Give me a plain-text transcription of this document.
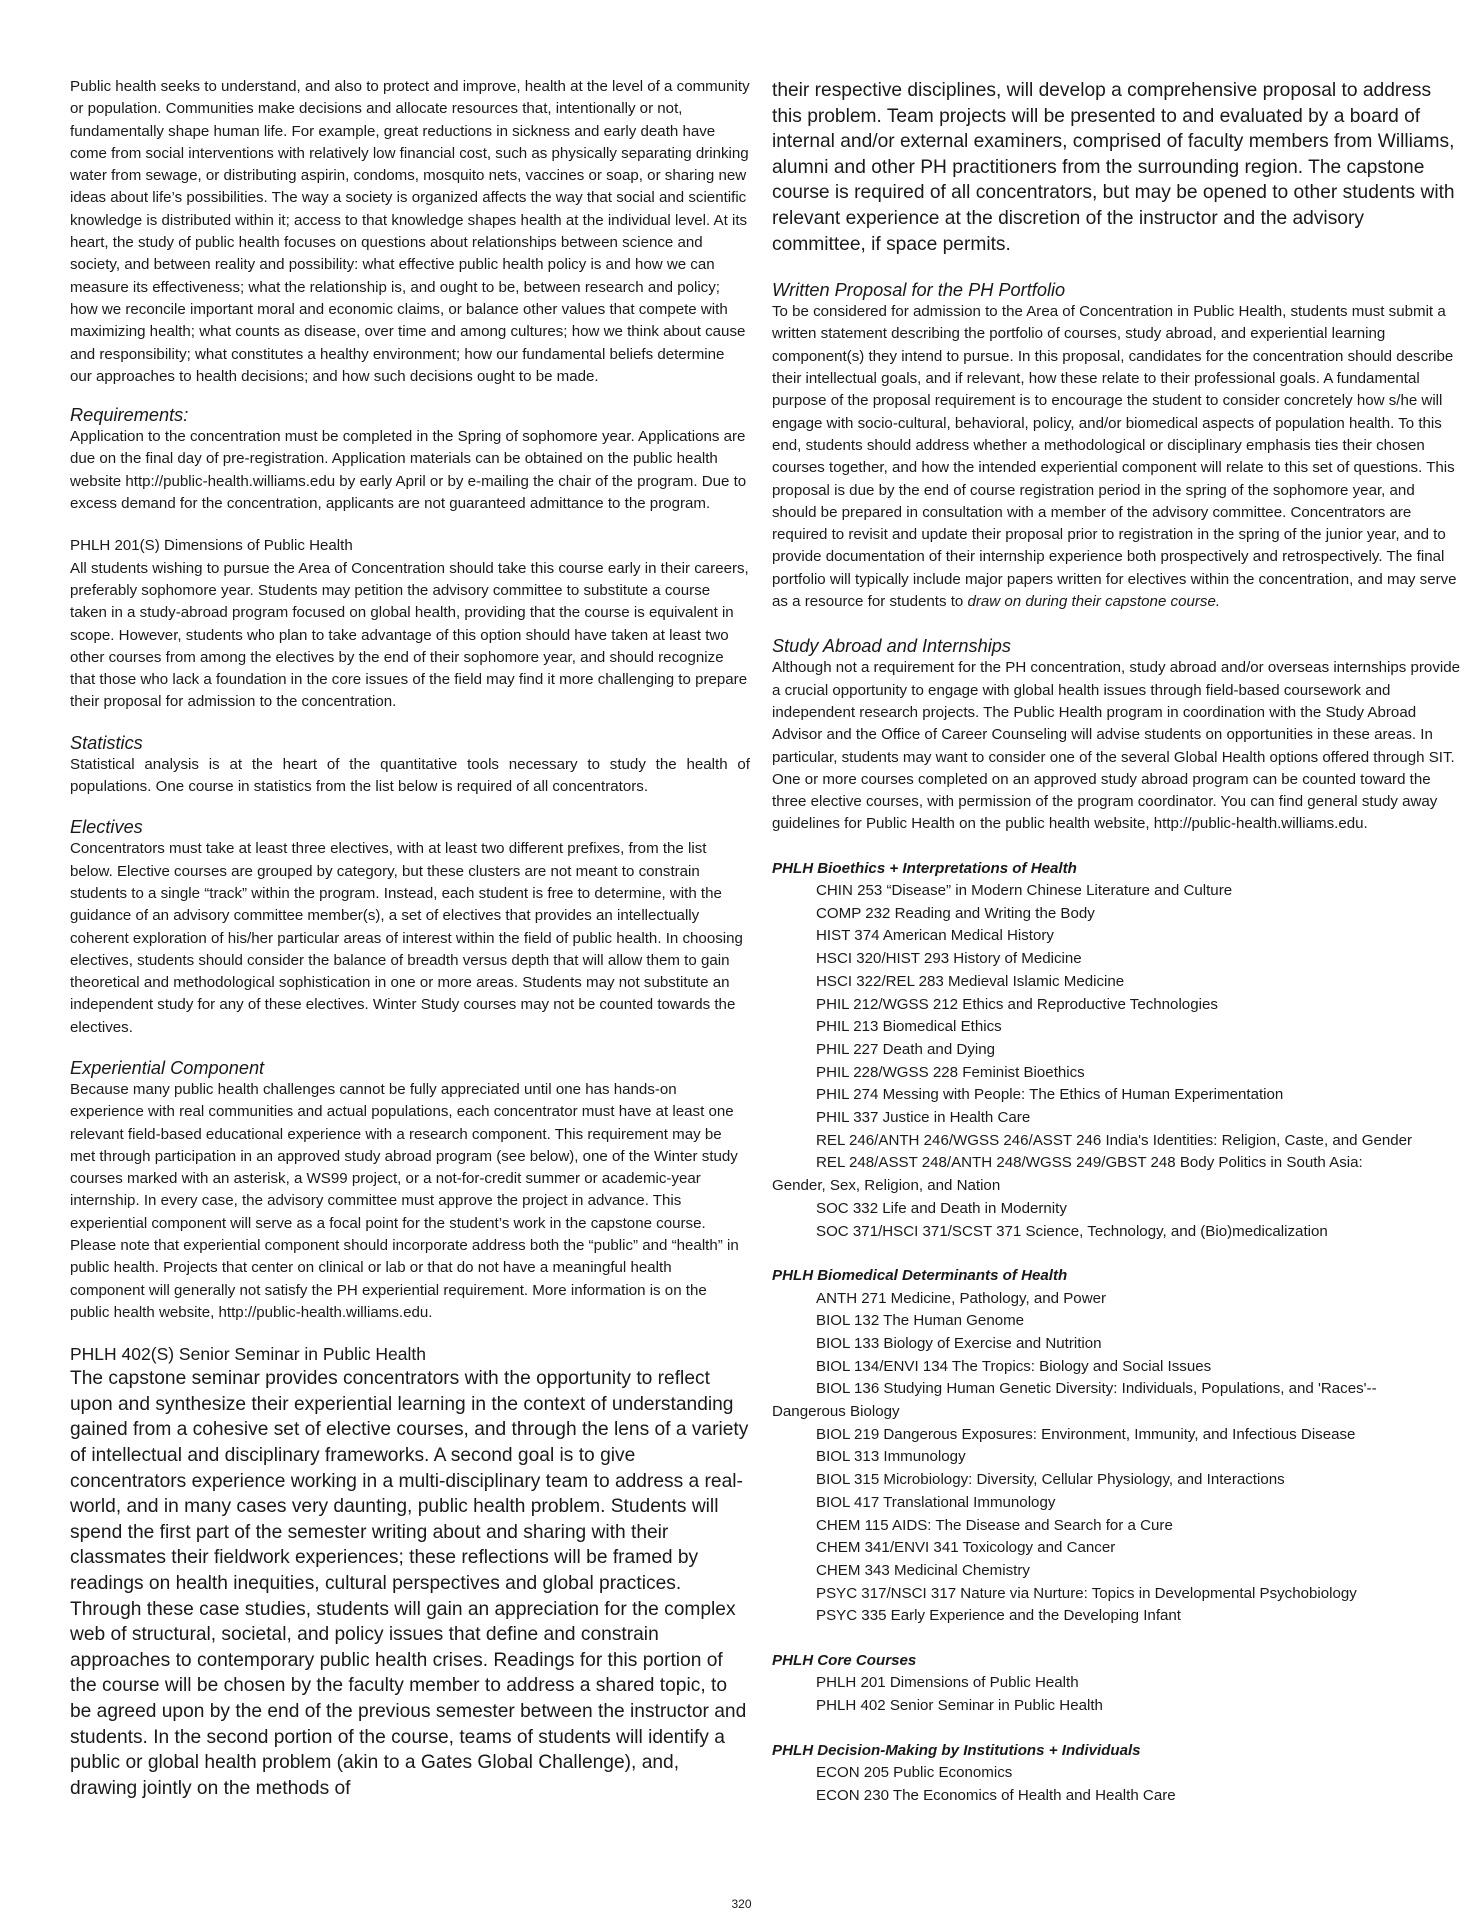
Public health seeks to understand, and also to protect and improve, health at the level of a community or population. Communities make decisions and allocate resources that, intentionally or not, fundamentally shape human life. For example, great reductions in sickness and early death have come from social interventions with relatively low financial cost, such as physically separating drinking water from sewage, or distributing aspirin, condoms, mosquito nets, vaccines or soap, or sharing new ideas about life’s possibilities. The way a society is organized affects the way that social and scientific knowledge is distributed within it; access to that knowledge shapes health at the individual level. At its heart, the study of public health focuses on questions about relationships between science and society, and between reality and possibility: what effective public health policy is and how we can measure its effectiveness; what the relationship is, and ought to be, between research and policy; how we reconcile important moral and economic claims, or balance other values that compete with maximizing health; what counts as disease, over time and among cultures; how we think about cause and responsibility; what constitutes a healthy environment; how our fundamental beliefs determine our approaches to health decisions; and how such decisions ought to be made.

Requirements:

Application to the concentration must be completed in the Spring of sophomore year. Applications are due on the final day of pre-registration. Application materials can be obtained on the public health website http://public-health.williams.edu by early April or by e-mailing the chair of the program. Due to excess demand for the concentration, applicants are not guaranteed admittance to the program.

PHLH 201(S) Dimensions of Public Health

All students wishing to pursue the Area of Concentration should take this course early in their careers, preferably sophomore year. Students may petition the advisory committee to substitute a course taken in a study-abroad program focused on global health, providing that the course is equivalent in scope. However, students who plan to take advantage of this option should have taken at least two other courses from among the electives by the end of their sophomore year, and should recognize that those who lack a foundation in the core issues of the field may find it more challenging to prepare their proposal for admission to the concentration.

Statistics

Statistical analysis is at the heart of the quantitative tools necessary to study the health of populations. One course in statistics from the list below is required of all concentrators.

Electives

Concentrators must take at least three electives, with at least two different prefixes, from the list below. Elective courses are grouped by category, but these clusters are not meant to constrain students to a single “track” within the program. Instead, each student is free to determine, with the guidance of an advisory committee member(s), a set of electives that provides an intellectually coherent exploration of his/her particular areas of interest within the field of public health. In choosing electives, students should consider the balance of breadth versus depth that will allow them to gain theoretical and methodological sophistication in one or more areas. Students may not substitute an independent study for any of these electives. Winter Study courses may not be counted towards the electives.

Experiential Component

Because many public health challenges cannot be fully appreciated until one has hands-on experience with real communities and actual populations, each concentrator must have at least one relevant field-based educational experience with a research component. This requirement may be met through participation in an approved study abroad program (see below), one of the Winter study courses marked with an asterisk, a WS99 project, or a not-for-credit summer or academic-year internship. In every case, the advisory committee must approve the project in advance. This experiential component will serve as a focal point for the student’s work in the capstone course. Please note that experiential component should incorporate address both the “public” and “health” in public health. Projects that center on clinical or lab or that do not have a meaningful health component will generally not satisfy the PH experiential requirement. More information is on the public health website, http://public-health.williams.edu.

PHLH 402(S) Senior Seminar in Public Health

The capstone seminar provides concentrators with the opportunity to reflect upon and synthesize their experiential learning in the context of understanding gained from a cohesive set of elective courses, and through the lens of a variety of intellectual and disciplinary frameworks. A second goal is to give concentrators experience working in a multi-disciplinary team to address a real-world, and in many cases very daunting, public health problem. Students will spend the first part of the semester writing about and sharing with their classmates their fieldwork experiences; these reflections will be framed by readings on health inequities, cultural perspectives and global practices. Through these case studies, students will gain an appreciation for the complex web of structural, societal, and policy issues that define and constrain approaches to contemporary public health crises. Readings for this portion of the course will be chosen by the faculty member to address a shared topic, to be agreed upon by the end of the previous semester between the instructor and students. In the second portion of the course, teams of students will identify a public or global health problem (akin to a Gates Global Challenge), and, drawing jointly on the methods of

their respective disciplines, will develop a comprehensive proposal to address this problem. Team projects will be presented to and evaluated by a board of internal and/or external examiners, comprised of faculty members from Williams, alumni and other PH practitioners from the surrounding region. The capstone course is required of all concentrators, but may be opened to other students with relevant experience at the discretion of the instructor and the advisory committee, if space permits.

Written Proposal for the PH Portfolio

To be considered for admission to the Area of Concentration in Public Health, students must submit a written statement describing the portfolio of courses, study abroad, and experiential learning component(s) they intend to pursue. In this proposal, candidates for the concentration should describe their intellectual goals, and if relevant, how these relate to their professional goals. A fundamental purpose of the proposal requirement is to encourage the student to consider concretely how s/he will engage with socio-cultural, behavioral, policy, and/or biomedical aspects of population health. To this end, students should address whether a methodological or disciplinary emphasis ties their chosen courses together, and how the intended experiential component will relate to this set of questions. This proposal is due by the end of course registration period in the spring of the sophomore year, and should be prepared in consultation with a member of the advisory committee. Concentrators are required to revisit and update their proposal prior to registration in the spring of the junior year, and to provide documentation of their internship experience both prospectively and retrospectively. The final portfolio will typically include major papers written for electives within the concentration, and may serve as a resource for students to draw on during their capstone course.

Study Abroad and Internships

Although not a requirement for the PH concentration, study abroad and/or overseas internships provide a crucial opportunity to engage with global health issues through field-based coursework and independent research projects. The Public Health program in coordination with the Study Abroad Advisor and the Office of Career Counseling will advise students on opportunities in these areas. In particular, students may want to consider one of the several Global Health options offered through SIT. One or more courses completed on an approved study abroad program can be counted toward the three elective courses, with permission of the program coordinator. You can find general study away guidelines for Public Health on the public health website, http://public-health.williams.edu.

PHLH Bioethics + Interpretations of Health

CHIN 253 “Disease” in Modern Chinese Literature and Culture

COMP 232 Reading and Writing the Body

HIST 374 American Medical History

HSCI 320/HIST 293 History of Medicine

HSCI 322/REL 283 Medieval Islamic Medicine

PHIL 212/WGSS 212 Ethics and Reproductive Technologies

PHIL 213 Biomedical Ethics

PHIL 227 Death and Dying

PHIL 228/WGSS 228 Feminist Bioethics

PHIL 274 Messing with People: The Ethics of Human Experimentation

PHIL 337 Justice in Health Care

REL 246/ANTH 246/WGSS 246/ASST 246 India's Identities: Religion, Caste, and Gender

REL 248/ASST 248/ANTH 248/WGSS 249/GBST 248 Body Politics in South Asia:

Gender, Sex, Religion, and Nation

SOC 332 Life and Death in Modernity

SOC 371/HSCI 371/SCST 371 Science, Technology, and (Bio)medicalization

PHLH Biomedical Determinants of Health

ANTH 271 Medicine, Pathology, and Power

BIOL 132 The Human Genome

BIOL 133 Biology of Exercise and Nutrition

BIOL 134/ENVI 134 The Tropics: Biology and Social Issues

BIOL 136 Studying Human Genetic Diversity: Individuals, Populations, and 'Races'--

Dangerous Biology

BIOL 219 Dangerous Exposures: Environment, Immunity, and Infectious Disease

BIOL 313 Immunology

BIOL 315 Microbiology: Diversity, Cellular Physiology, and Interactions

BIOL 417 Translational Immunology

CHEM 115 AIDS: The Disease and Search for a Cure

CHEM 341/ENVI 341 Toxicology and Cancer

CHEM 343 Medicinal Chemistry

PSYC 317/NSCI 317 Nature via Nurture: Topics in Developmental Psychobiology

PSYC 335 Early Experience and the Developing Infant

PHLH Core Courses

PHLH 201 Dimensions of Public Health

PHLH 402 Senior Seminar in Public Health

PHLH Decision-Making by Institutions + Individuals

ECON 205 Public Economics

ECON 230 The Economics of Health and Health Care

320
